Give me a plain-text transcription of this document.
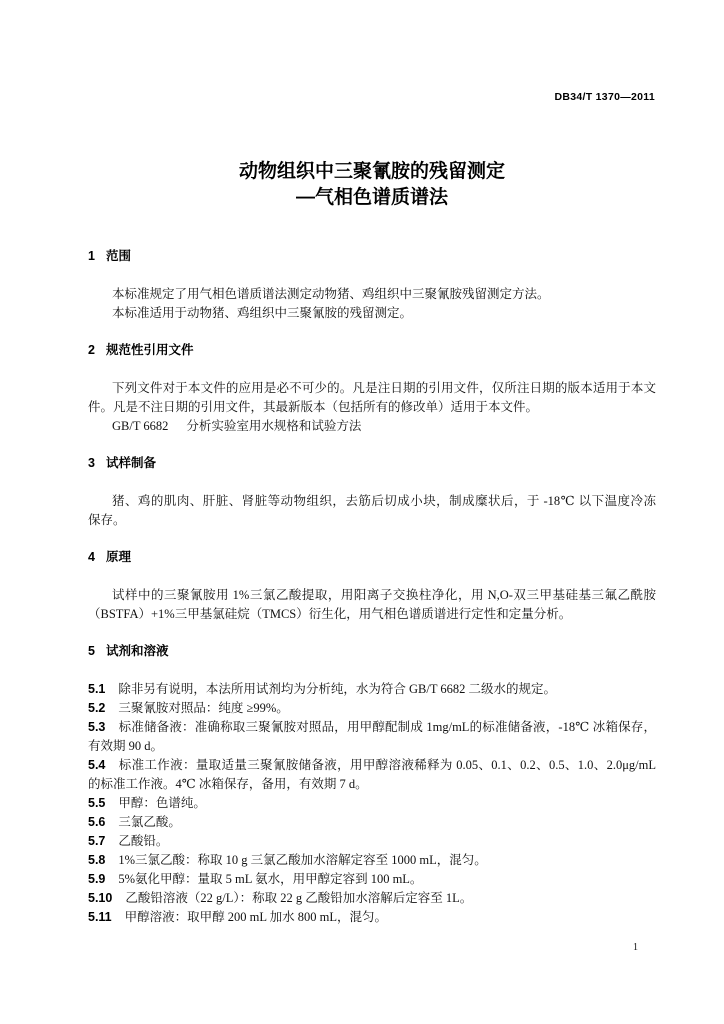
DB34/T 1370—2011
动物组织中三聚氰胺的残留测定
—气相色谱质谱法
1 范围
本标准规定了用气相色谱质谱法测定动物猪、鸡组织中三聚氰胺残留测定方法。
本标准适用于动物猪、鸡组织中三聚氰胺的残留测定。
2 规范性引用文件
下列文件对于本文件的应用是必不可少的。凡是注日期的引用文件，仅所注日期的版本适用于本文
件。凡是不注日期的引用文件，其最新版本（包括所有的修改单）适用于本文件。
GB/T 6682 分析实验室用水规格和试验方法
3 试样制备
猪、鸡的肌肉、肝脏、肾脏等动物组织，去筋后切成小块，制成糜状后，于 -18℃ 以下温度冷冻
保存。
4 原理
试样中的三聚氰胺用 1%三氯乙酸提取，用阳离子交换柱净化，用 N,O-双三甲基硅基三氟乙酰胺
（BSTFA）+1%三甲基氯硅烷（TMCS）衍生化，用气相色谱质谱进行定性和定量分析。
5 试剂和溶液
5.1 除非另有说明，本法所用试剂均为分析纯，水为符合 GB/T 6682 二级水的规定。
5.2 三聚氰胺对照品：纯度 ≥99%。
5.3 标准储备液：准确称取三聚氰胺对照品，用甲醇配制成 1mg/mL的标准储备液，-18℃ 冰箱保存，
有效期 90 d。
5.4 标准工作液：量取适量三聚氰胺储备液，用甲醇溶液稀释为 0.05、0.1、0.2、0.5、1.0、2.0μg/mL
的标准工作液。4℃ 冰箱保存，备用，有效期 7 d。
5.5 甲醇：色谱纯。
5.6 三氯乙酸。
5.7 乙酸铅。
5.8 1%三氯乙酸：称取 10 g 三氯乙酸加水溶解定容至 1000 mL，混匀。
5.9 5%氨化甲醇：量取 5 mL 氨水，用甲醇定容到 100 mL。
5.10 乙酸铅溶液（22 g/L）：称取 22 g 乙酸铅加水溶解后定容至 1L。
5.11 甲醇溶液：取甲醇 200 mL 加水 800 mL，混匀。
1
